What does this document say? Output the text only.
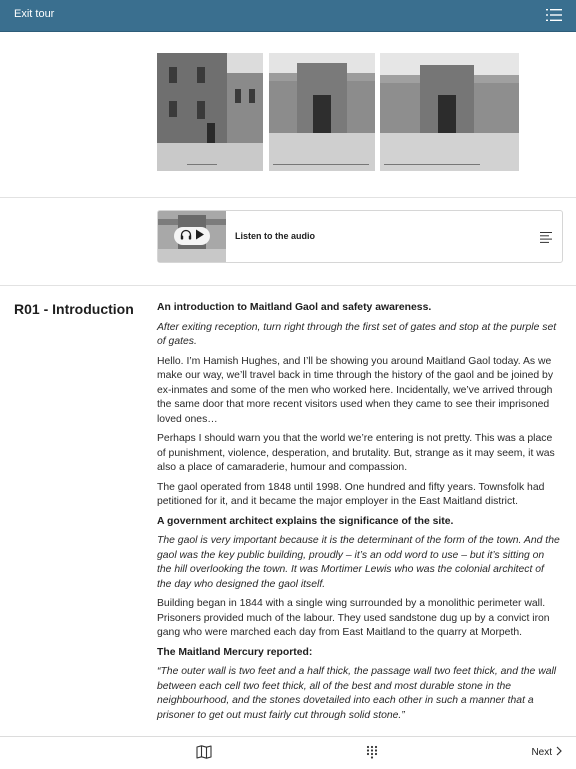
Exit tour
Listen to the audio
R01 - Introduction An introduction to Maitland Gaol and safety awareness.

After exiting reception, turn right through the first set of gates and stop at the purple set of gates.

Hello. I’m Hamish Hughes, and I’ll be showing you around Maitland Gaol today. As we make our way, we’ll travel back in time through the history of the gaol and be joined by ex-inmates and some of the men who worked here. Incidentally, we’ve arrived through the same door that more recent visitors used when they came to see their imprisoned loved ones…

Perhaps I should warn you that the world we’re entering is not pretty. This was a place of punishment, violence, desperation, and brutality. But, strange as it may seem, it was also a place of camaraderie, humour and compassion.

The gaol operated from 1848 until 1998. One hundred and fifty years. Townsfolk had petitioned for it, and it became the major employer in the East Maitland district.

A government architect explains the significance of the site.

The gaol is very important because it is the determinant of the form of the town. And the gaol was the key public building, proudly – it’s an odd word to use – but it’s sitting on the hill overlooking the town. It was Mortimer Lewis who was the colonial architect of the day who designed the gaol itself.

Building began in 1844 with a single wing surrounded by a monolithic perimeter wall. Prisoners provided much of the labour. They used sandstone dug up by a convict iron gang who were marched each day from East Maitland to the quarry at Morpeth.

The Maitland Mercury reported:

“The outer wall is two feet and a half thick, the passage wall two feet thick, and the wall between each cell two feet thick, all of the best and most durable stone in the neighbourhood, and the stones dovetailed into each other in such a manner that a prisoner to get out must fairly cut through solid stone.”

Next
